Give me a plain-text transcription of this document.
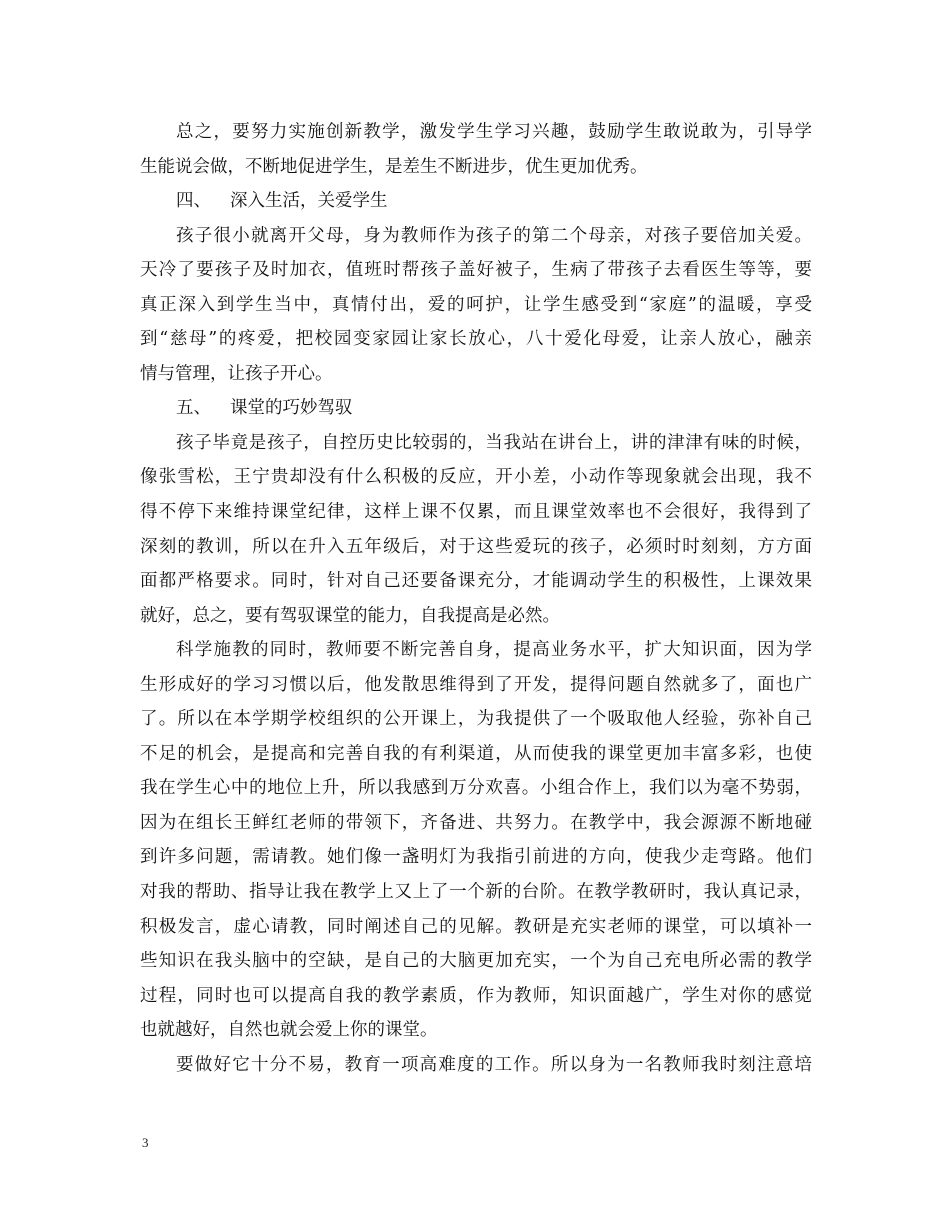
总之，要努力实施创新教学，激发学生学习兴趣，鼓励学生敢说敢为，引导学
生能说会做，不断地促进学生，是差生不断进步，优生更加优秀。
四、 深入生活，关爱学生
孩子很小就离开父母，身为教师作为孩子的第二个母亲，对孩子要倍加关爱。
天冷了要孩子及时加衣，值班时帮孩子盖好被子，生病了带孩子去看医生等等，要
真正深入到学生当中，真情付出，爱的呵护，让学生感受到“家庭”的温暖，享受
到“慈母”的疼爱，把校园变家园让家长放心，八十爱化母爱，让亲人放心，融亲
情与管理，让孩子开心。
五、 课堂的巧妙驾驭
孩子毕竟是孩子，自控历史比较弱的，当我站在讲台上，讲的津津有味的时候，
像张雪松，王宁贵却没有什么积极的反应，开小差，小动作等现象就会出现，我不
得不停下来维持课堂纪律，这样上课不仅累，而且课堂效率也不会很好，我得到了
深刻的教训，所以在升入五年级后，对于这些爱玩的孩子，必须时时刻刻，方方面
面都严格要求。同时，针对自己还要备课充分，才能调动学生的积极性，上课效果
就好，总之，要有驾驭课堂的能力，自我提高是必然。
科学施教的同时，教师要不断完善自身，提高业务水平，扩大知识面，因为学
生形成好的学习习惯以后，他发散思维得到了开发，提得问题自然就多了，面也广
了。所以在本学期学校组织的公开课上，为我提供了一个吸取他人经验，弥补自己
不足的机会，是提高和完善自我的有利渠道，从而使我的课堂更加丰富多彩，也使
我在学生心中的地位上升，所以我感到万分欢喜。小组合作上，我们以为毫不势弱，
因为在组长王鲜红老师的带领下，齐备进、共努力。在教学中，我会源源不断地碰
到许多问题，需请教。她们像一盏明灯为我指引前进的方向，使我少走弯路。他们
对我的帮助、指导让我在教学上又上了一个新的台阶。在教学教研时，我认真记录，
积极发言，虚心请教，同时阐述自己的见解。教研是充实老师的课堂，可以填补一
些知识在我头脑中的空缺，是自己的大脑更加充实，一个为自己充电所必需的教学
过程，同时也可以提高自我的教学素质，作为教师，知识面越广，学生对你的感觉
也就越好，自然也就会爱上你的课堂。
要做好它十分不易，教育一项高难度的工作。所以身为一名教师我时刻注意培
3
